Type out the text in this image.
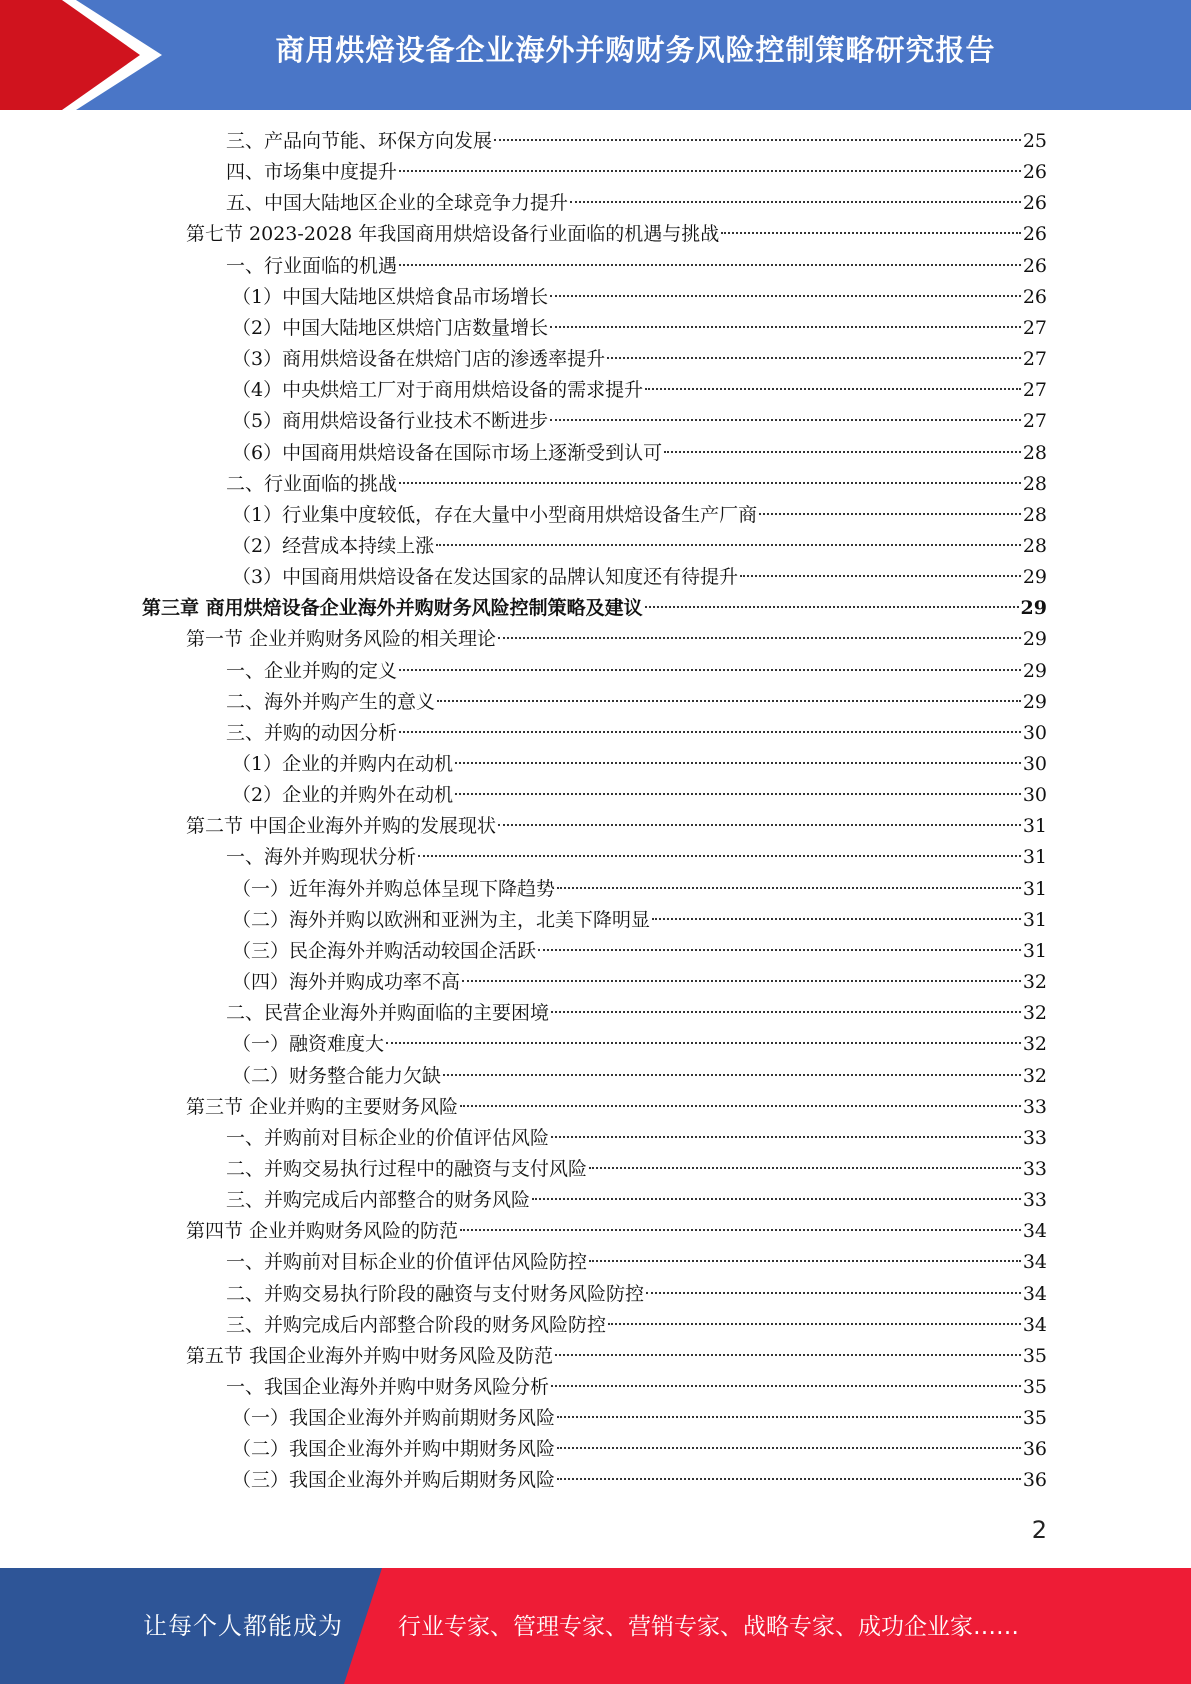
商用烘焙设备企业海外并购财务风险控制策略研究报告
三、产品向节能、环保方向发展	25
四、市场集中度提升	26
五、中国大陆地区企业的全球竞争力提升	26
第七节 2023-2028 年我国商用烘焙设备行业面临的机遇与挑战	26
一、行业面临的机遇	26
（1）中国大陆地区烘焙食品市场增长	26
（2）中国大陆地区烘焙门店数量增长	27
（3）商用烘焙设备在烘焙门店的渗透率提升	27
（4）中央烘焙工厂对于商用烘焙设备的需求提升	27
（5）商用烘焙设备行业技术不断进步	27
（6）中国商用烘焙设备在国际市场上逐渐受到认可	28
二、行业面临的挑战	28
（1）行业集中度较低，存在大量中小型商用烘焙设备生产厂商	28
（2）经营成本持续上涨	28
（3）中国商用烘焙设备在发达国家的品牌认知度还有待提升	29
第三章 商用烘焙设备企业海外并购财务风险控制策略及建议	29
第一节 企业并购财务风险的相关理论	29
一、企业并购的定义	29
二、海外并购产生的意义	29
三、并购的动因分析	30
（1）企业的并购内在动机	30
（2）企业的并购外在动机	30
第二节 中国企业海外并购的发展现状	31
一、海外并购现状分析	31
（一）近年海外并购总体呈现下降趋势	31
（二）海外并购以欧洲和亚洲为主，北美下降明显	31
（三）民企海外并购活动较国企活跃	31
（四）海外并购成功率不高	32
二、民营企业海外并购面临的主要困境	32
（一）融资难度大	32
（二）财务整合能力欠缺	32
第三节 企业并购的主要财务风险	33
一、并购前对目标企业的价值评估风险	33
二、并购交易执行过程中的融资与支付风险	33
三、并购完成后内部整合的财务风险	33
第四节 企业并购财务风险的防范	34
一、并购前对目标企业的价值评估风险防控	34
二、并购交易执行阶段的融资与支付财务风险防控	34
三、并购完成后内部整合阶段的财务风险防控	34
第五节 我国企业海外并购中财务风险及防范	35
一、我国企业海外并购中财务风险分析	35
（一）我国企业海外并购前期财务风险	35
（二）我国企业海外并购中期财务风险	36
（三）我国企业海外并购后期财务风险	36
2
让每个人都能成为 行业专家、管理专家、营销专家、战略专家、成功企业家……
